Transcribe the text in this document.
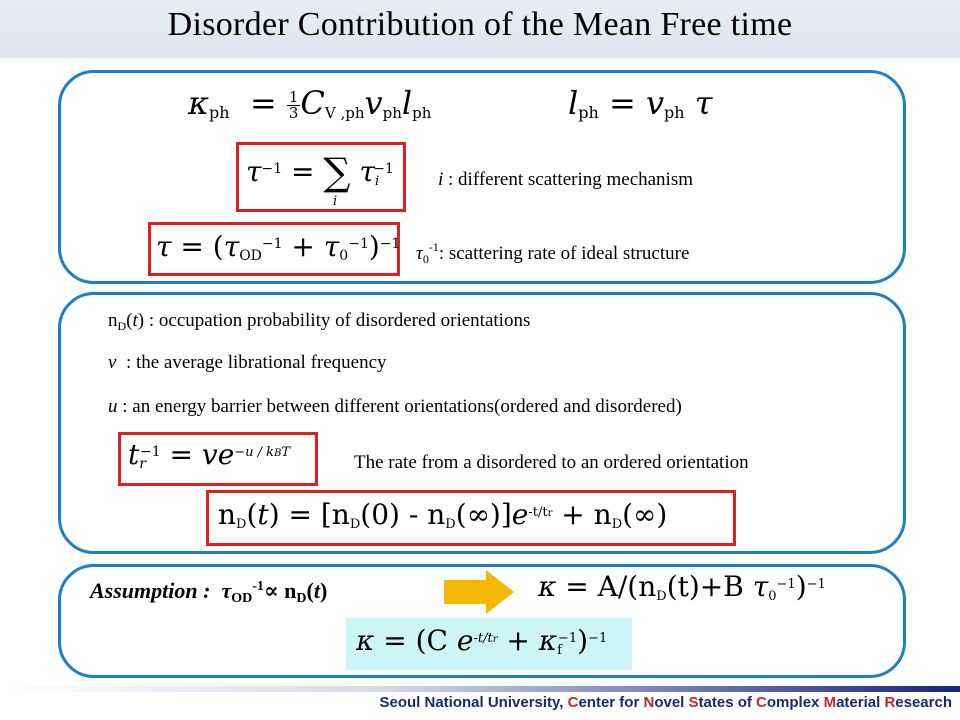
Disorder Contribution of the Mean Free time
$\kappa_{ph} = \frac{1}{3} C_{V ,ph}v_{ph}l_{ph}$	$l_{ph} = v_{ph}$ τ
$\tau^{-1}$ = ∑ $\tau_i^{-1}$
i
i : different scattering mechanism
$\tau = (\tau_{OD}^{-1} + \tau_0^{-1})^{-1}$ $\tau_0^{-1}$: scattering rate of ideal structure
$n_D(t)$ : occupation probability of disordered orientations
ν  : the average librational frequency
u : an energy barrier between different orientations(ordered and disordered)
$t_r^{-1} = ve^{-u / kBT}$	The rate from a disordered to an ordered orientation
$n_D(t) = [n_D(0) - n_D(\infty)]e^{-t/tr} + n_D(\infty)$
Assumption : $\tau_{OD}^{-1}\propto n_D(t)$	$\kappa = A/(n_D(t)+B$ $\tau_0^{-1})^{-1}$
κ = (C $e^{-t/tr} + \kappa_f^{-1})^{-1}$
Seoul National University, Center for Novel States of Complex Material Research
